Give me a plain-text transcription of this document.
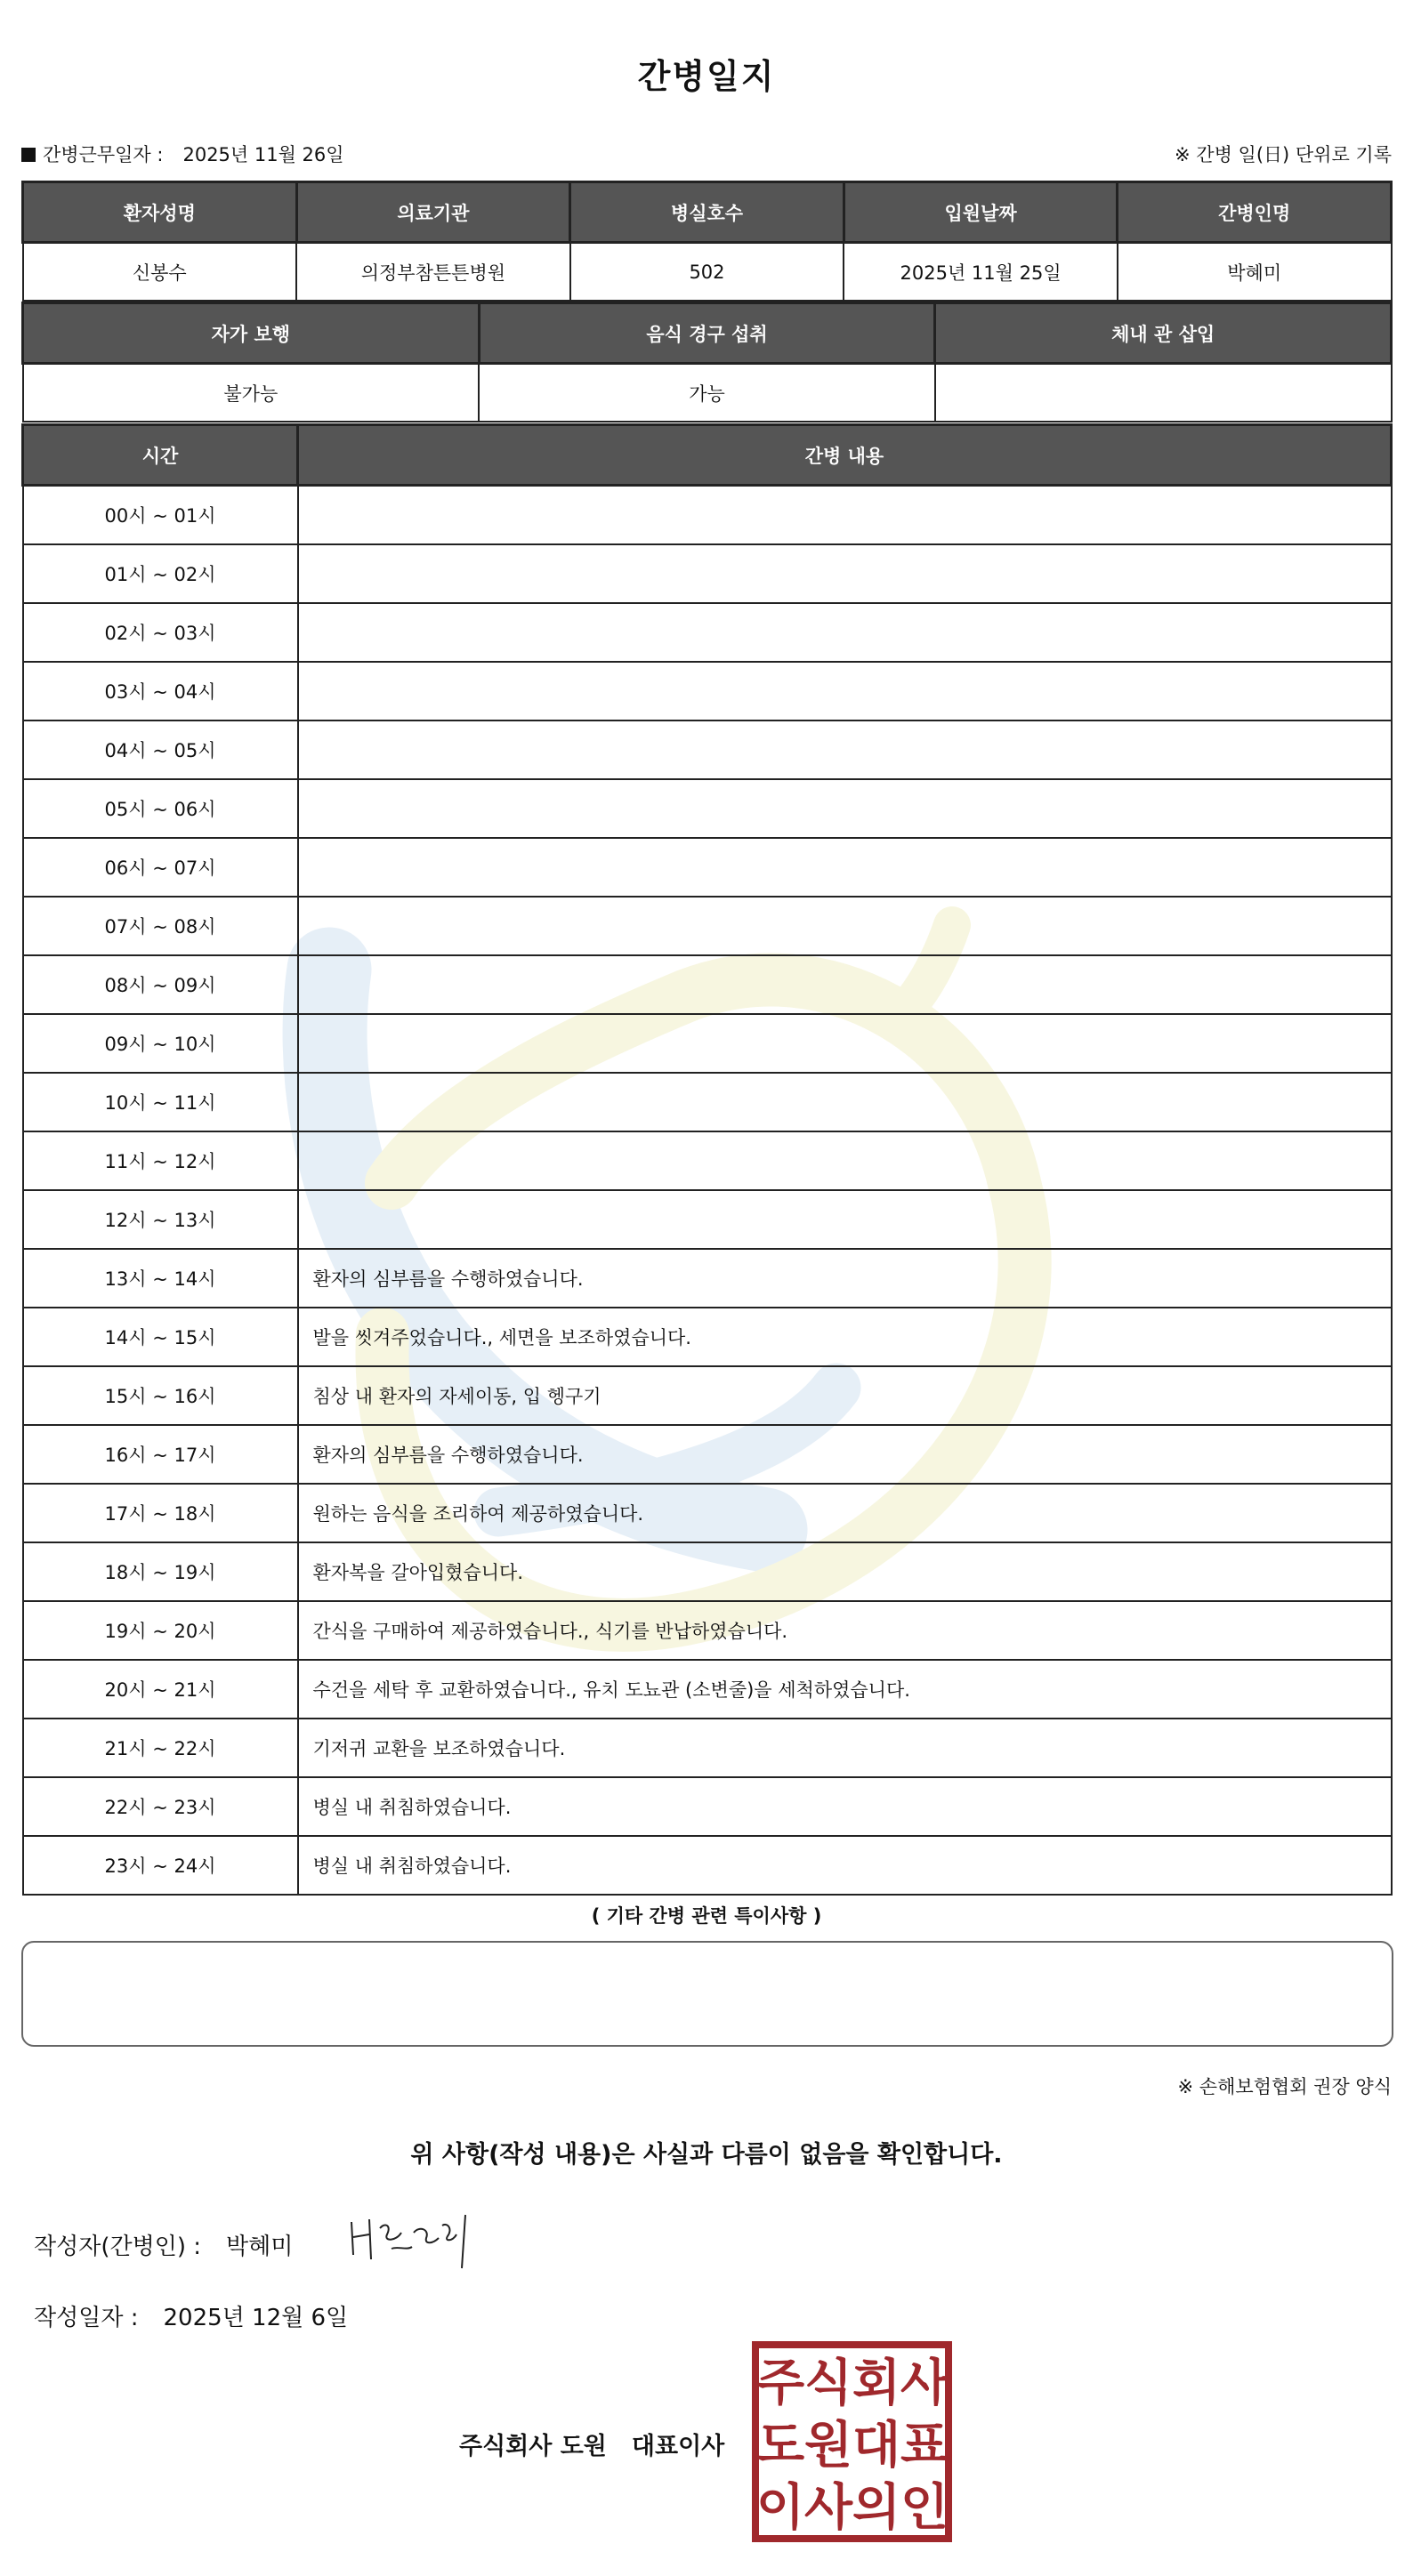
간병일지
간병근무일자 : 2025년 11월 26일	※ 간병 일(日) 단위로 기록
환자성명	의료기관	병실호수	입원날짜	간병인명
신봉수	의정부참튼튼병원	502	2025년 11월 25일	박혜미
자가 보행	음식 경구 섭취	체내 관 삽입
불가능	가능	
시간	간병 내용
00시 ~ 01시	
01시 ~ 02시	
02시 ~ 03시	
03시 ~ 04시	
04시 ~ 05시	
05시 ~ 06시	
06시 ~ 07시	
07시 ~ 08시	
08시 ~ 09시	
09시 ~ 10시	
10시 ~ 11시	
11시 ~ 12시	
12시 ~ 13시	
13시 ~ 14시	환자의 심부름을 수행하였습니다.
14시 ~ 15시	발을 씻겨주었습니다., 세면을 보조하였습니다.
15시 ~ 16시	침상 내 환자의 자세이동, 입 헹구기
16시 ~ 17시	환자의 심부름을 수행하였습니다.
17시 ~ 18시	원하는 음식을 조리하여 제공하였습니다.
18시 ~ 19시	환자복을 갈아입혔습니다.
19시 ~ 20시	간식을 구매하여 제공하였습니다., 식기를 반납하였습니다.
20시 ~ 21시	수건을 세탁 후 교환하였습니다., 유치 도뇨관 (소변줄)을 세척하였습니다.
21시 ~ 22시	기저귀 교환을 보조하였습니다.
22시 ~ 23시	병실 내 취침하였습니다.
23시 ~ 24시	병실 내 취침하였습니다.
( 기타 간병 관련 특이사항 )
※ 손해보험협회 권장 양식
위 사항(작성 내용)은 사실과 다름이 없음을 확인합니다.
작성자(간병인) : 박혜미
작성일자 : 2025년 12월 6일
주식회사 도원 대표이사
주 식 회 사
도 원 대 표
이 사 의 인
